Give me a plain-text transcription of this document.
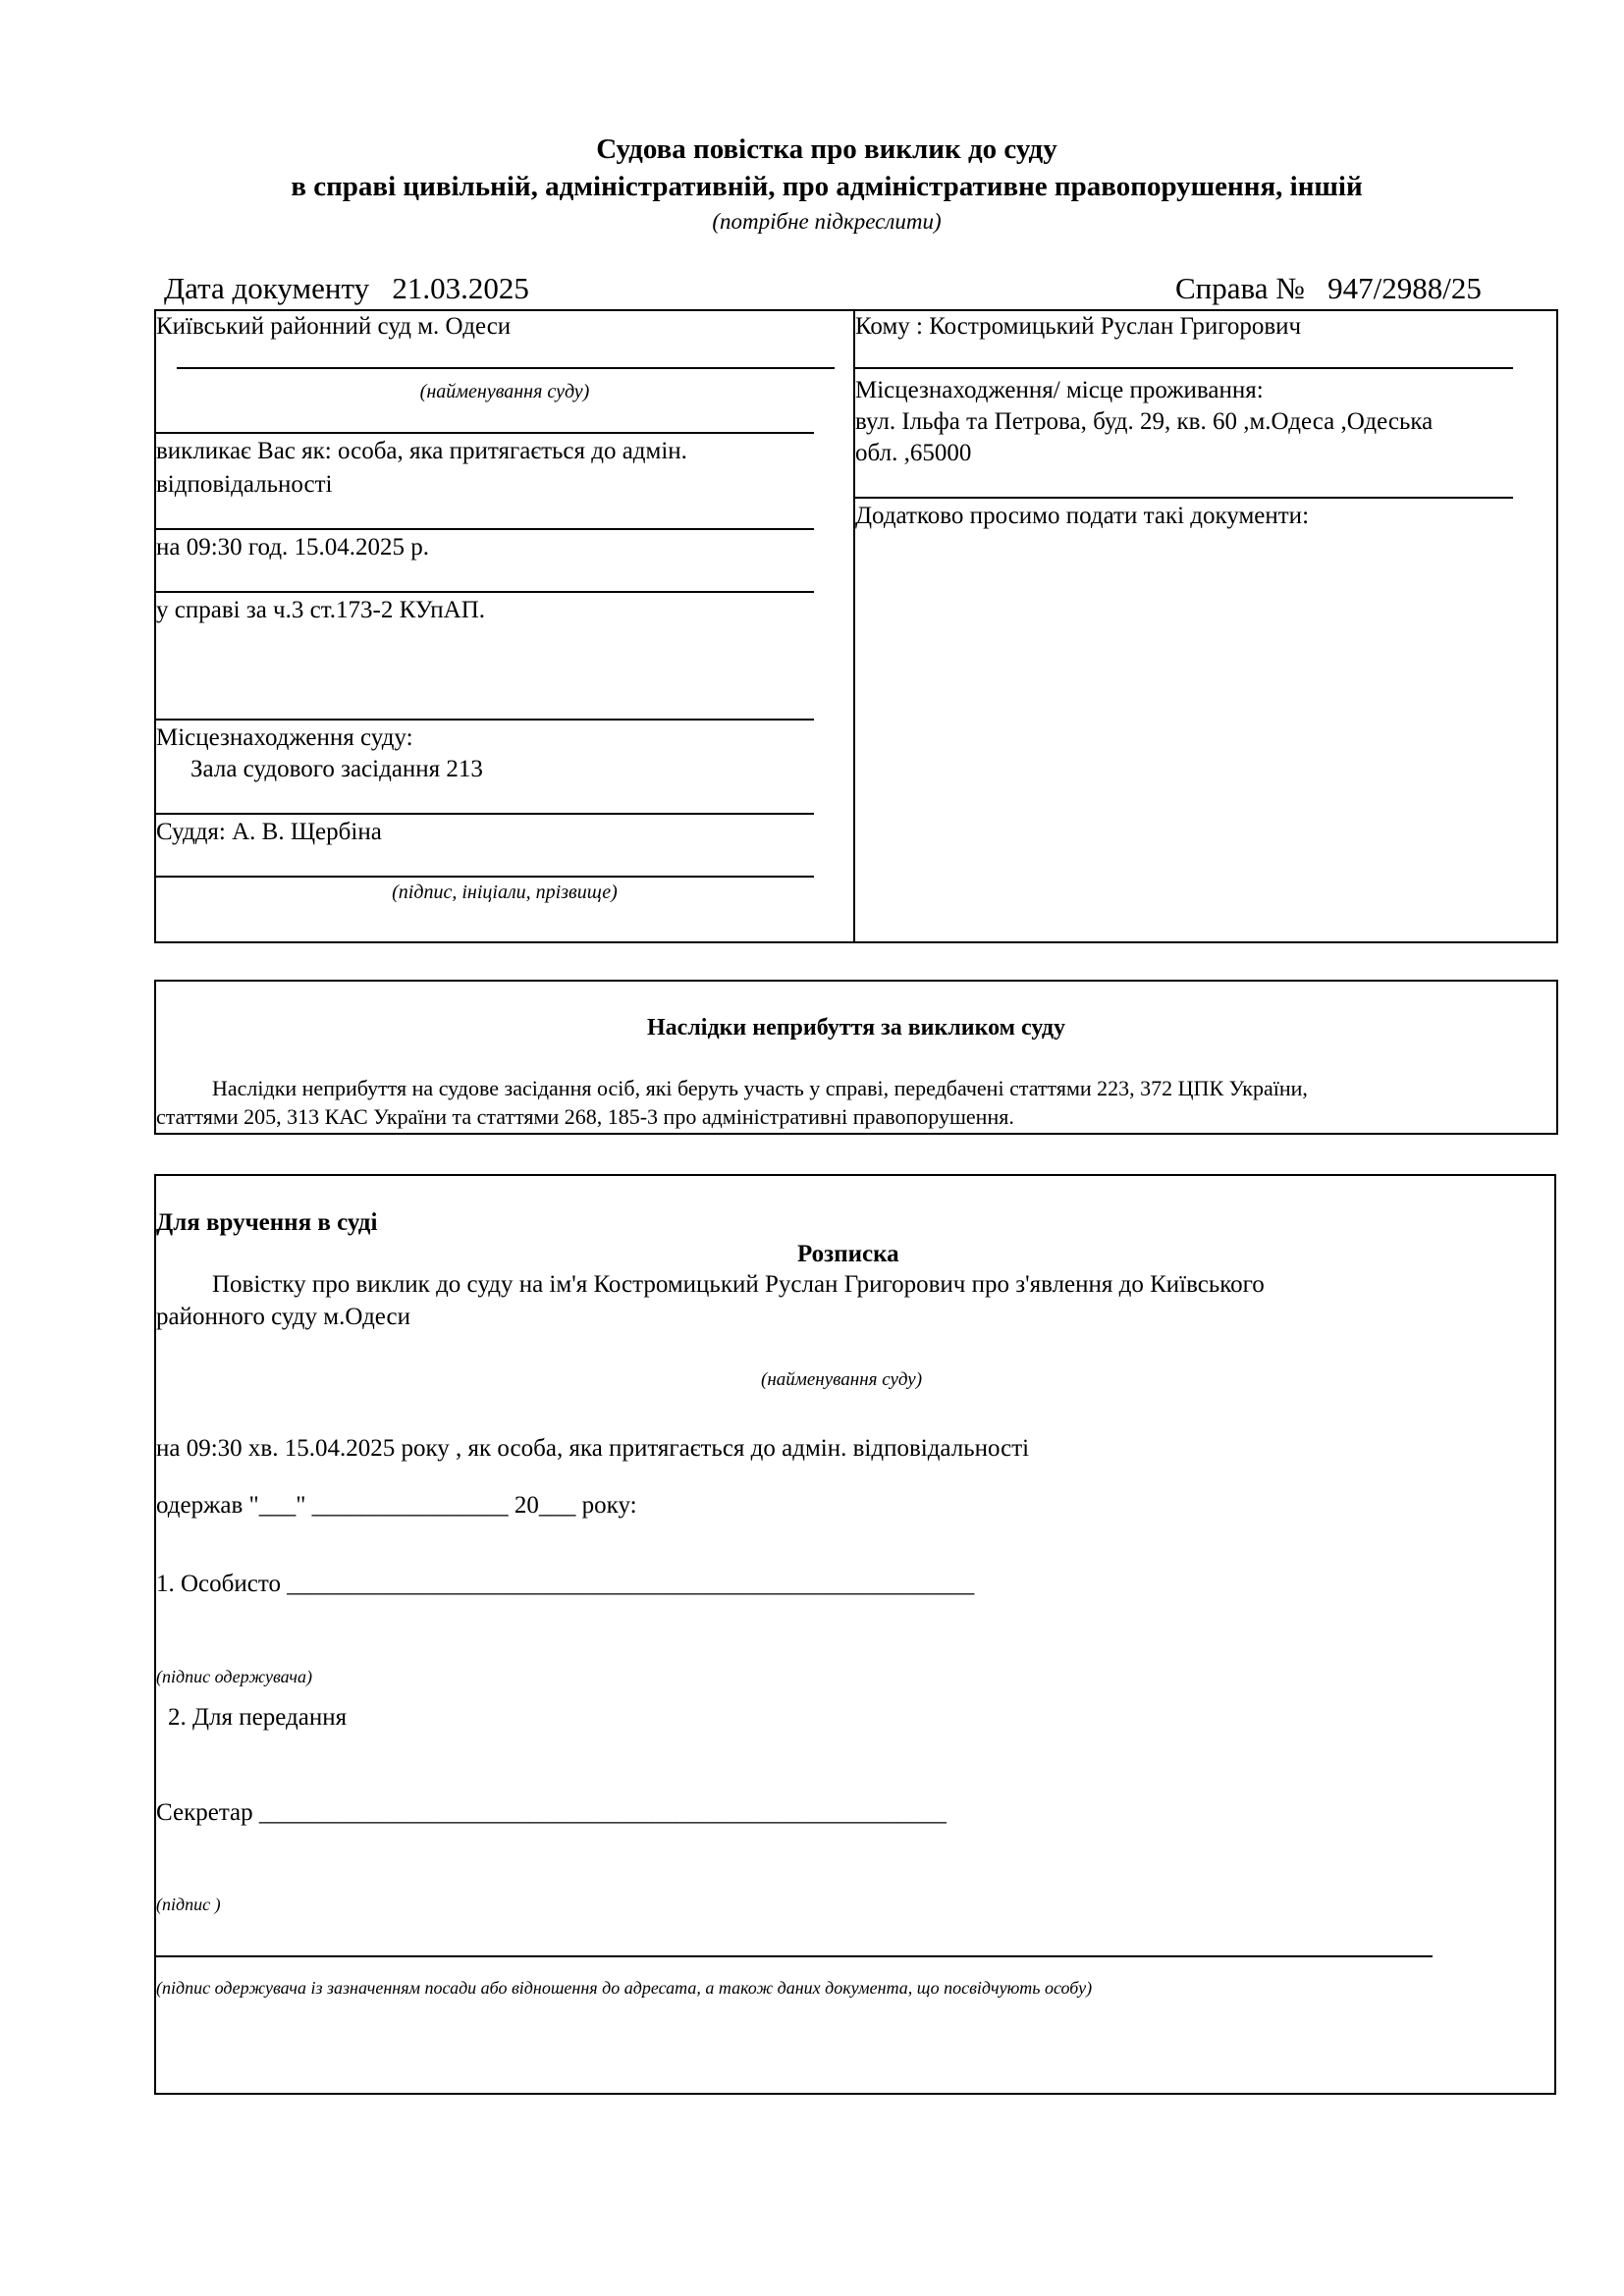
Судова повістка про виклик до суду
в справі цивільній, адміністративній, про адміністративне правопорушення, іншій
(потрібне підкреслити)
Дата документу 21.03.2025	Справа № 947/2988/25
Київський районний суд м. Одеси
(найменування суду)
викликає Вас як: особа, яка притягається до адмін.
відповідальності
на 09:30 год. 15.04.2025 р.
у справі за ч.3 ст.173-2 КУпАП.
Місцезнаходження суду:
Зала судового засідання 213
Суддя: А. В. Щербіна
(підпис, ініціали, прізвище)
Кому : Костромицький Руслан Григорович
Місцезнаходження/ місце проживання:
вул. Ільфа та Петрова, буд. 29, кв. 60 ,м.Одеса ,Одеська
обл. ,65000
Додатково просимо подати такі документи:
Наслідки неприбуття за викликом суду
Наслідки неприбуття на судове засідання осіб, які беруть участь у справі, передбачені статтями 223, 372 ЦПК України,
статтями 205, 313 КАС України та статтями 268, 185-3 про адміністративні правопорушення.
Для вручення в суді
Розписка
Повістку про виклик до суду на ім'я Костромицький Руслан Григорович про з'явлення до Київського
районного суду м.Одеси
(найменування суду)
на 09:30 хв. 15.04.2025 року , як особа, яка притягається до адмін. відповідальності
одержав "___" ________________ 20___ року:
1. Особисто ________________________________________________________
(підпис одержувача)
2. Для передання
Секретар ________________________________________________________
(підпис )
(підпис одержувача із зазначенням посади або відношення до адресата, а також даних документа, що посвідчують особу)
